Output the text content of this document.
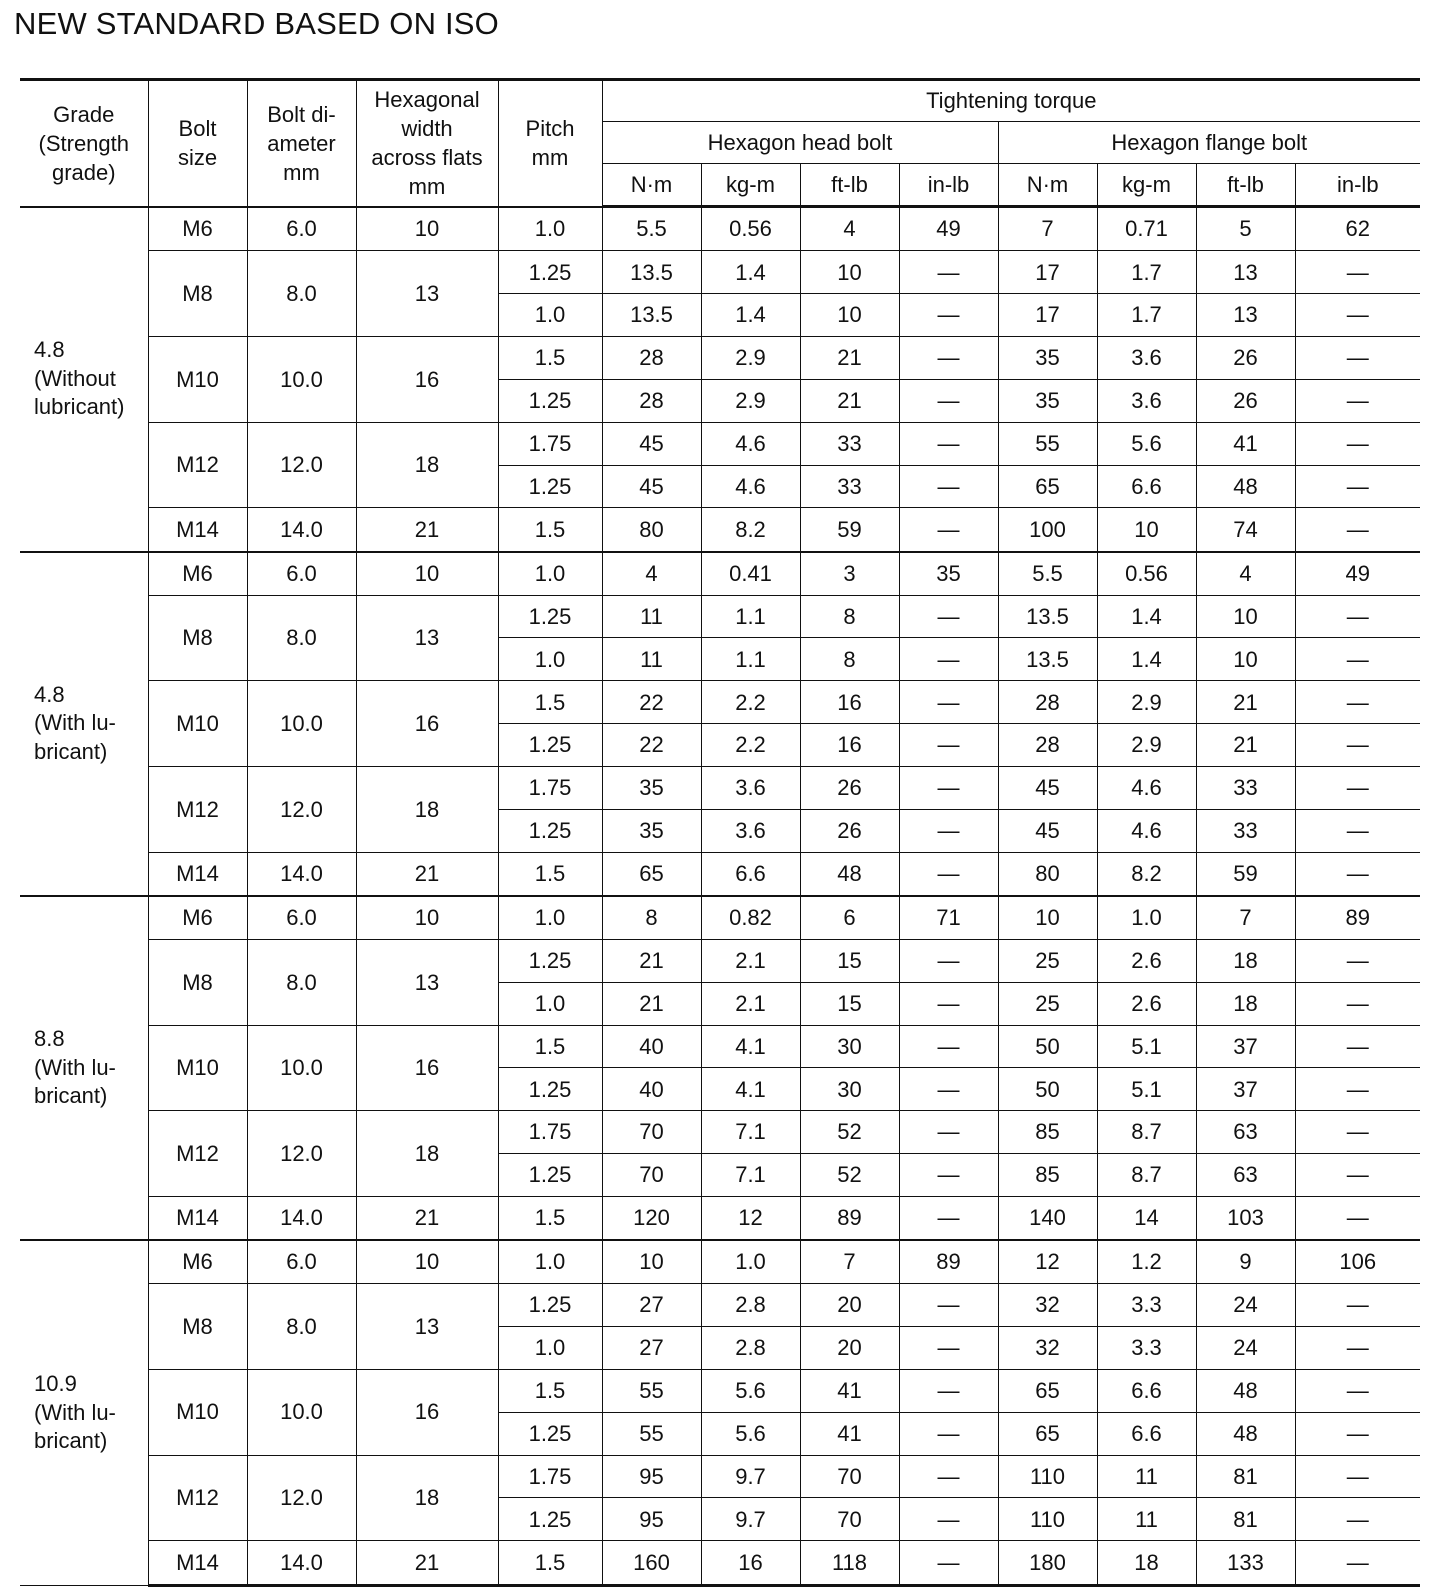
NEW STANDARD BASED ON ISO
Grade
(Strength
grade)	Bolt
size	Bolt di-
ameter
mm	Hexagonal
width
across flats
mm	Pitch
mm	Tightening torque							
					Hexagon head bolt				Hexagon flange bolt			
					N·m	kg-m	ft-lb	in-lb	N·m	kg-m	ft-lb	in-lb
4.8
(Without
lubricant)	M6	6.0	10	1.0	5.5	0.56	4	49	7	0.71	5	62
	M8	8.0	13	1.25	13.5	1.4	10	—	17	1.7	13	—
				1.0	13.5	1.4	10	—	17	1.7	13	—
	M10	10.0	16	1.5	28	2.9	21	—	35	3.6	26	—
				1.25	28	2.9	21	—	35	3.6	26	—
	M12	12.0	18	1.75	45	4.6	33	—	55	5.6	41	—
				1.25	45	4.6	33	—	65	6.6	48	—
	M14	14.0	21	1.5	80	8.2	59	—	100	10	74	—
4.8
(With lu-
bricant)	M6	6.0	10	1.0	4	0.41	3	35	5.5	0.56	4	49
	M8	8.0	13	1.25	11	1.1	8	—	13.5	1.4	10	—
				1.0	11	1.1	8	—	13.5	1.4	10	—
	M10	10.0	16	1.5	22	2.2	16	—	28	2.9	21	—
				1.25	22	2.2	16	—	28	2.9	21	—
	M12	12.0	18	1.75	35	3.6	26	—	45	4.6	33	—
				1.25	35	3.6	26	—	45	4.6	33	—
	M14	14.0	21	1.5	65	6.6	48	—	80	8.2	59	—
8.8
(With lu-
bricant)	M6	6.0	10	1.0	8	0.82	6	71	10	1.0	7	89
	M8	8.0	13	1.25	21	2.1	15	—	25	2.6	18	—
				1.0	21	2.1	15	—	25	2.6	18	—
	M10	10.0	16	1.5	40	4.1	30	—	50	5.1	37	—
				1.25	40	4.1	30	—	50	5.1	37	—
	M12	12.0	18	1.75	70	7.1	52	—	85	8.7	63	—
				1.25	70	7.1	52	—	85	8.7	63	—
	M14	14.0	21	1.5	120	12	89	—	140	14	103	—
10.9
(With lu-
bricant)	M6	6.0	10	1.0	10	1.0	7	89	12	1.2	9	106
	M8	8.0	13	1.25	27	2.8	20	—	32	3.3	24	—
				1.0	27	2.8	20	—	32	3.3	24	—
	M10	10.0	16	1.5	55	5.6	41	—	65	6.6	48	—
				1.25	55	5.6	41	—	65	6.6	48	—
	M12	12.0	18	1.75	95	9.7	70	—	110	11	81	—
				1.25	95	9.7	70	—	110	11	81	—
	M14	14.0	21	1.5	160	16	118	—	180	18	133	—
